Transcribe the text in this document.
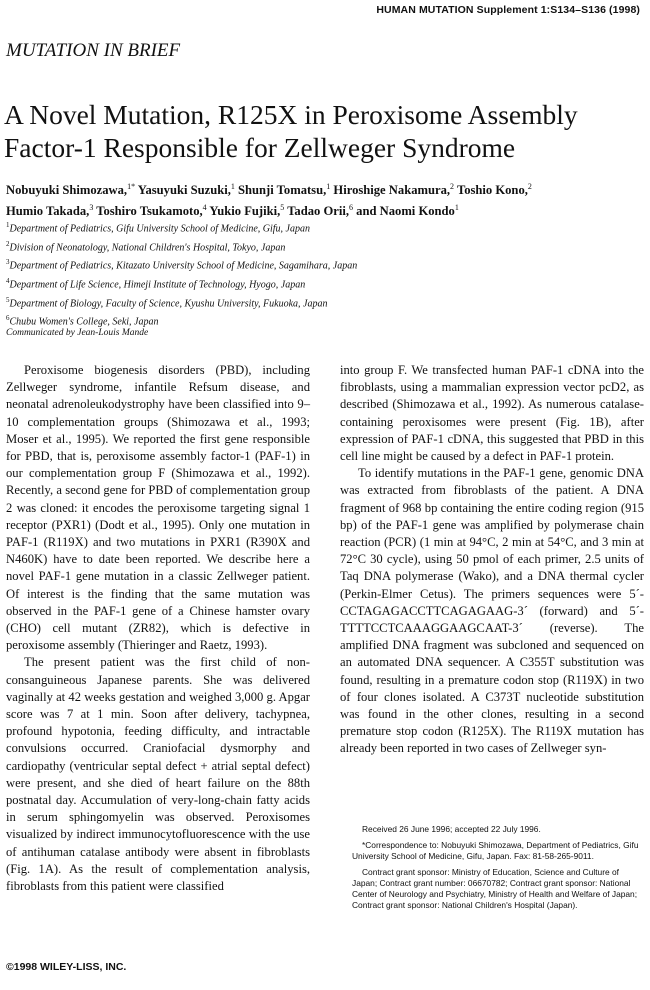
HUMAN MUTATION Supplement 1:S134–S136 (1998)
MUTATION IN BRIEF
A Novel Mutation, R125X in Peroxisome Assembly
Factor-1 Responsible for Zellweger Syndrome
Nobuyuki Shimozawa,$^{1*}$ Yasuyuki Suzuki,$^1$ Shunji Tomatsu,$^1$ Hiroshige Nakamura,$^2$ Toshio Kono,$^2$
Humio Takada,$^3$ Toshiro Tsukamoto,$^4$ Yukio Fujiki,$^5$ Tadao Orii,$^6$ and Naomi Kondo$^1$
$^1$Department of Pediatrics, Gifu University School of Medicine, Gifu, Japan
$^2$Division of Neonatology, National Children's Hospital, Tokyo, Japan
$^3$Department of Pediatrics, Kitazato University School of Medicine, Sagamihara, Japan
$^4$Department of Life Science, Himeji Institute of Technology, Hyogo, Japan
$^5$Department of Biology, Faculty of Science, Kyushu University, Fukuoka, Japan
$^6$Chubu Women's College, Seki, Japan
Communicated by Jean-Louis Mande

Peroxisome biogenesis disorders (PBD), including Zellweger syndrome, infantile Refsum disease, and neonatal adrenoleukodystrophy have been classified into 9–10 complementation groups (Shimozawa et al., 1993; Moser et al., 1995). We reported the first gene responsible for PBD, that is, peroxisome assembly factor-1 (PAF-1) in our complementation group F (Shimozawa et al., 1992). Recently, a second gene for PBD of complementation group 2 was cloned: it encodes the peroxisome targeting signal 1 receptor (PXR1) (Dodt et al., 1995). Only one mutation in PAF-1 (R119X) and two mutations in PXR1 (R390X and N460K) have to date been reported. We describe here a novel PAF-1 gene mutation in a classic Zellweger patient. Of interest is the finding that the same mutation was observed in the PAF-1 gene of a Chinese hamster ovary (CHO) cell mutant (ZR82), which is defective in peroxisome assembly (Thieringer and Raetz, 1993).

The present patient was the first child of non-consanguineous Japanese parents. She was delivered vaginally at 42 weeks gestation and weighed 3,000 g. Apgar score was 7 at 1 min. Soon after delivery, tachypnea, profound hypotonia, feeding difficulty, and intractable convulsions occurred. Craniofacial dysmorphy and cardiopathy (ventricular septal defect + atrial septal defect) were present, and she died of heart failure on the 88th postnatal day. Accumulation of very-long-chain fatty acids in serum sphingomyelin was observed. Peroxisomes visualized by indirect immunocytofluorescence with the use of antihuman catalase antibody were absent in fibroblasts (Fig. 1A). As the result of complementation analysis, fibroblasts from this patient were classified

into group F. We transfected human PAF-1 cDNA into the fibroblasts, using a mammalian expression vector pcD2, as described (Shimozawa et al., 1992). As numerous catalase-containing peroxisomes were present (Fig. 1B), after expression of PAF-1 cDNA, this suggested that PBD in this cell line might be caused by a defect in PAF-1 protein.

To identify mutations in the PAF-1 gene, genomic DNA was extracted from fibroblasts of the patient. A DNA fragment of 968 bp containing the entire coding region (915 bp) of the PAF-1 gene was amplified by polymerase chain reaction (PCR) (1 min at 94°C, 2 min at 54°C, and 3 min at 72°C 30 cycle), using 50 pmol of each primer, 2.5 units of Taq DNA polymerase (Wako), and a DNA thermal cycler (Perkin-Elmer Cetus). The primers sequences were 5´-CCTAGAGACCTTCAGAGAAG-3´ (forward) and 5´-TTTTCCTCAAAGGAAGCAAT-3´ (reverse). The amplified DNA fragment was subcloned and sequenced on an automated DNA sequencer. A C355T substitution was found, resulting in a premature codon stop (R119X) in two of four clones isolated. A C373T nucleotide substitution was found in the other clones, resulting in a second premature stop codon (R125X). The R119X mutation has already been reported in two cases of Zellweger syn-

Received 26 June 1996; accepted 22 July 1996.

*Correspondence to: Nobuyuki Shimozawa, Department of Pediatrics, Gifu University School of Medicine, Gifu, Japan. Fax: 81-58-265-9011.

Contract grant sponsor: Ministry of Education, Science and Culture of Japan; Contract grant number: 06670782; Contract grant sponsor: National Center of Neurology and Psychiatry, Ministry of Health and Welfare of Japan; Contract grant sponsor: National Children's Hospital (Japan).

©1998 WILEY-LISS, INC.
